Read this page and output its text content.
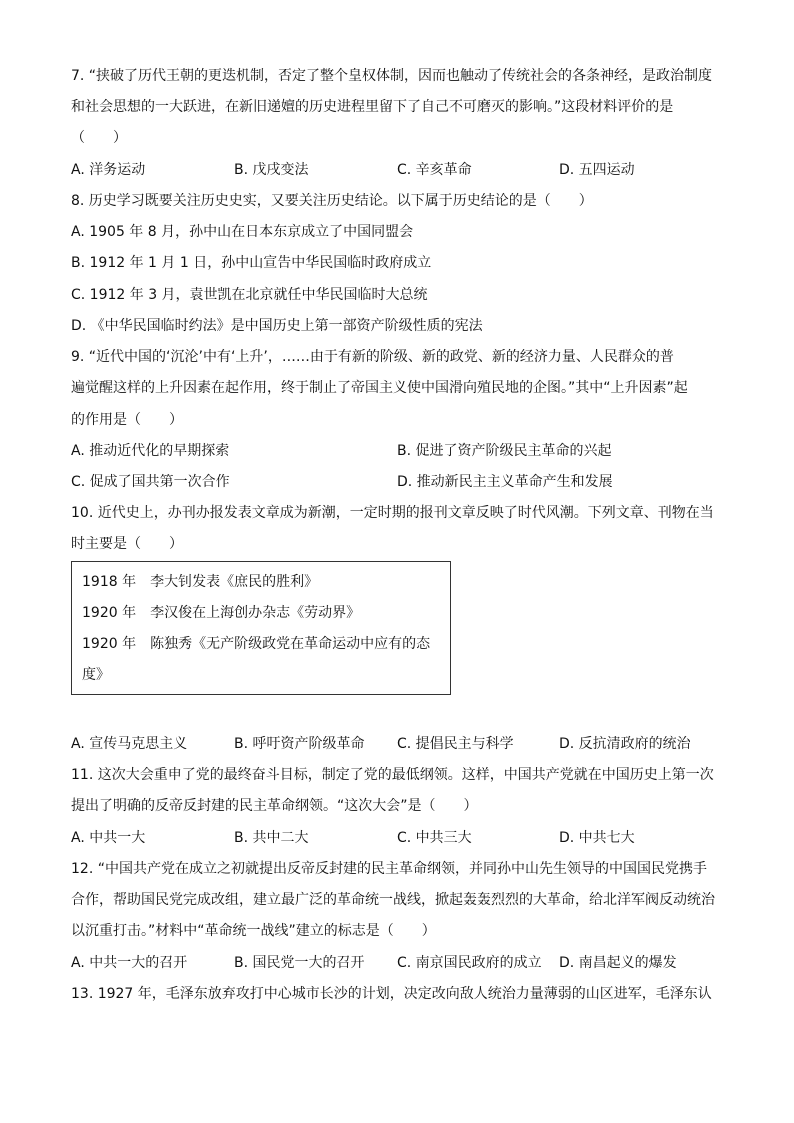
7. “挟破了历代王朝的更迭机制，否定了整个皇权体制，因而也触动了传统社会的各条神经，是政治制度
和社会思想的一大跃进，在新旧递嬗的历史进程里留下了自己不可磨灭的影响。”这段材料评价的是
（　　）
A. 洋务运动	B. 戊戌变法	C. 辛亥革命	D. 五四运动
8. 历史学习既要关注历史史实，又要关注历史结论。以下属于历史结论的是（　　）
A. 1905 年 8 月，孙中山在日本东京成立了中国同盟会
B. 1912 年 1 月 1 日，孙中山宣告中华民国临时政府成立
C. 1912 年 3 月，袁世凯在北京就任中华民国临时大总统
D. 《中华民国临时约法》是中国历史上第一部资产阶级性质的宪法
9. “近代中国的‘沉沦’中有‘上升’，……由于有新的阶级、新的政党、新的经济力量、人民群众的普
遍觉醒这样的上升因素在起作用，终于制止了帝国主义使中国滑向殖民地的企图。”其中“上升因素”起
的作用是（　　）
A. 推动近代化的早期探索	B. 促进了资产阶级民主革命的兴起
C. 促成了国共第一次合作	D. 推动新民主主义革命产生和发展
10. 近代史上，办刊办报发表文章成为新潮，一定时期的报刊文章反映了时代风潮。下列文章、刊物在当
时主要是（　　）
1918 年　李大钊发表《庶民的胜利》
1920 年　李汉俊在上海创办杂志《劳动界》
1920 年　陈独秀《无产阶级政党在革命运动中应有的态
度》
A. 宣传马克思主义	B. 呼吁资产阶级革命 C. 提倡民主与科学	D. 反抗清政府的统治
11. 这次大会重申了党的最终奋斗目标，制定了党的最低纲领。这样，中国共产党就在中国历史上第一次
提出了明确的反帝反封建的民主革命纲领。“这次大会”是（　　）
A. 中共一大	B. 共中二大	C. 中共三大	D. 中共七大
12. “中国共产党在成立之初就提出反帝反封建的民主革命纲领，并同孙中山先生领导的中国国民党携手
合作，帮助国民党完成改组，建立最广泛的革命统一战线，掀起轰轰烈烈的大革命，给北洋军阀反动统治
以沉重打击。”材料中“革命统一战线”建立的标志是（　　）
A. 中共一大的召开	B. 国民党一大的召开 C. 南京国民政府的成立 D. 南昌起义的爆发
13. 1927 年，毛泽东放弃攻打中心城市长沙的计划，决定改向敌人统治力量薄弱的山区进军，毛泽东认
